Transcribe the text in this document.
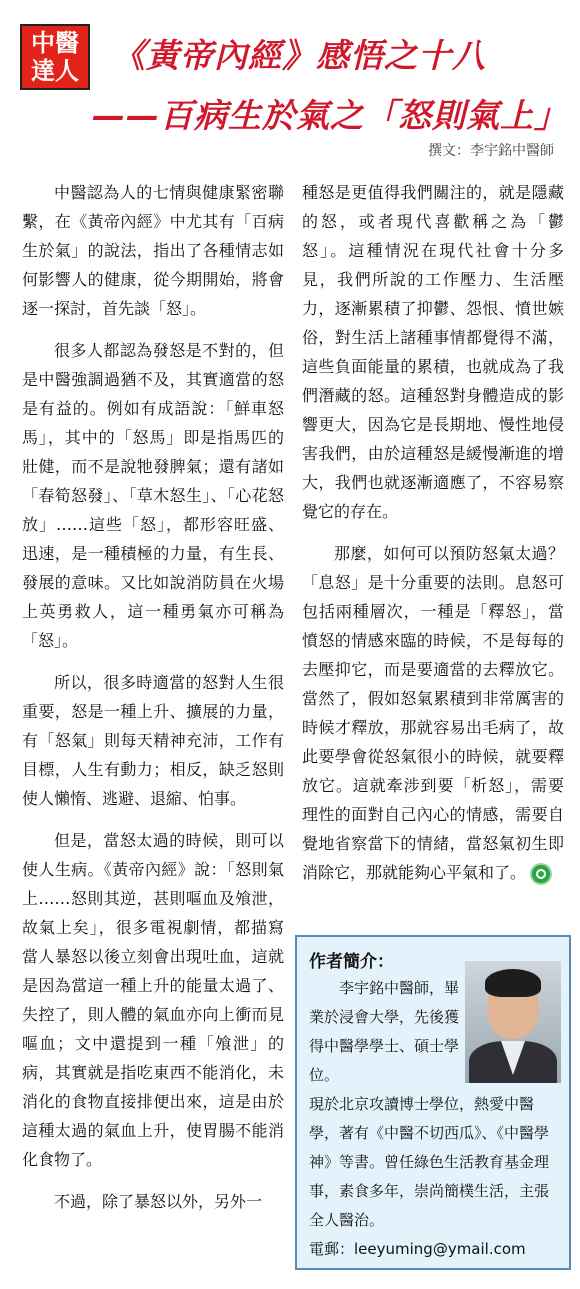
中醫
達人 《黃帝內經》感悟之十八
——百病生於氣之「怒則氣上」
撰文：李宇銘中醫師

中醫認為人的七情與健康緊密聯繫，在《黃帝內經》中尤其有「百病生於氣」的說法，指出了各種情志如何影響人的健康，從今期開始，將會逐一探討，首先談「怒」。

很多人都認為發怒是不對的，但是中醫強調過猶不及，其實適當的怒是有益的。例如有成語說：「鮮車怒馬」，其中的「怒馬」即是指馬匹的壯健，而不是說牠發脾氣；還有諸如「春筍怒發」、「草木怒生」、「心花怒放」……這些「怒」，都形容旺盛、迅速，是一種積極的力量，有生長、發展的意味。又比如說消防員在火場上英勇救人，這一種勇氣亦可稱為「怒」。

所以，很多時適當的怒對人生很重要，怒是一種上升、擴展的力量，有「怒氣」則每天精神充沛，工作有目標，人生有動力；相反，缺乏怒則使人懶惰、逃避、退縮、怕事。

但是，當怒太過的時候，則可以使人生病。《黃帝內經》說：「怒則氣上……怒則其逆，甚則嘔血及飧泄，故氣上矣」，很多電視劇情，都描寫當人暴怒以後立刻會出現吐血，這就是因為當這一種上升的能量太過了、失控了，則人體的氣血亦向上衝而見嘔血；文中還提到一種「飧泄」的病，其實就是指吃東西不能消化，未消化的食物直接排便出來，這是由於這種太過的氣血上升，使胃腸不能消化食物了。

不過，除了暴怒以外，另外一

種怒是更值得我們關注的，就是隱藏的怒，或者現代喜歡稱之為「鬱怒」。這種情況在現代社會十分多見，我們所說的工作壓力、生活壓力，逐漸累積了抑鬱、怨恨、憤世嫉俗，對生活上諸種事情都覺得不滿，這些負面能量的累積，也就成為了我們潛藏的怒。這種怒對身體造成的影響更大，因為它是長期地、慢性地侵害我們，由於這種怒是緩慢漸進的增大，我們也就逐漸適應了，不容易察覺它的存在。

那麼，如何可以預防怒氣太過？「息怒」是十分重要的法則。息怒可包括兩種層次，一種是「釋怒」，當憤怒的情感來臨的時候，不是每每的去壓抑它，而是要適當的去釋放它。當然了，假如怒氣累積到非常厲害的時候才釋放，那就容易出毛病了，故此要學會從怒氣很小的時候，就要釋放它。這就牽涉到要「析怒」，需要理性的面對自己內心的情感，需要自覺地省察當下的情緒，當怒氣初生即消除它，那就能夠心平氣和了。

作者簡介：

李宇銘中醫師，畢業於浸會大學，先後獲得中醫學學士、碩士學位。

現於北京攻讀博士學位，熱愛中醫學，著有《中醫不切西瓜》、《中醫學神》等書。曾任綠色生活教育基金理事，素食多年，崇尚簡樸生活，主張全人醫治。

電郵：leeyuming@ymail.com
